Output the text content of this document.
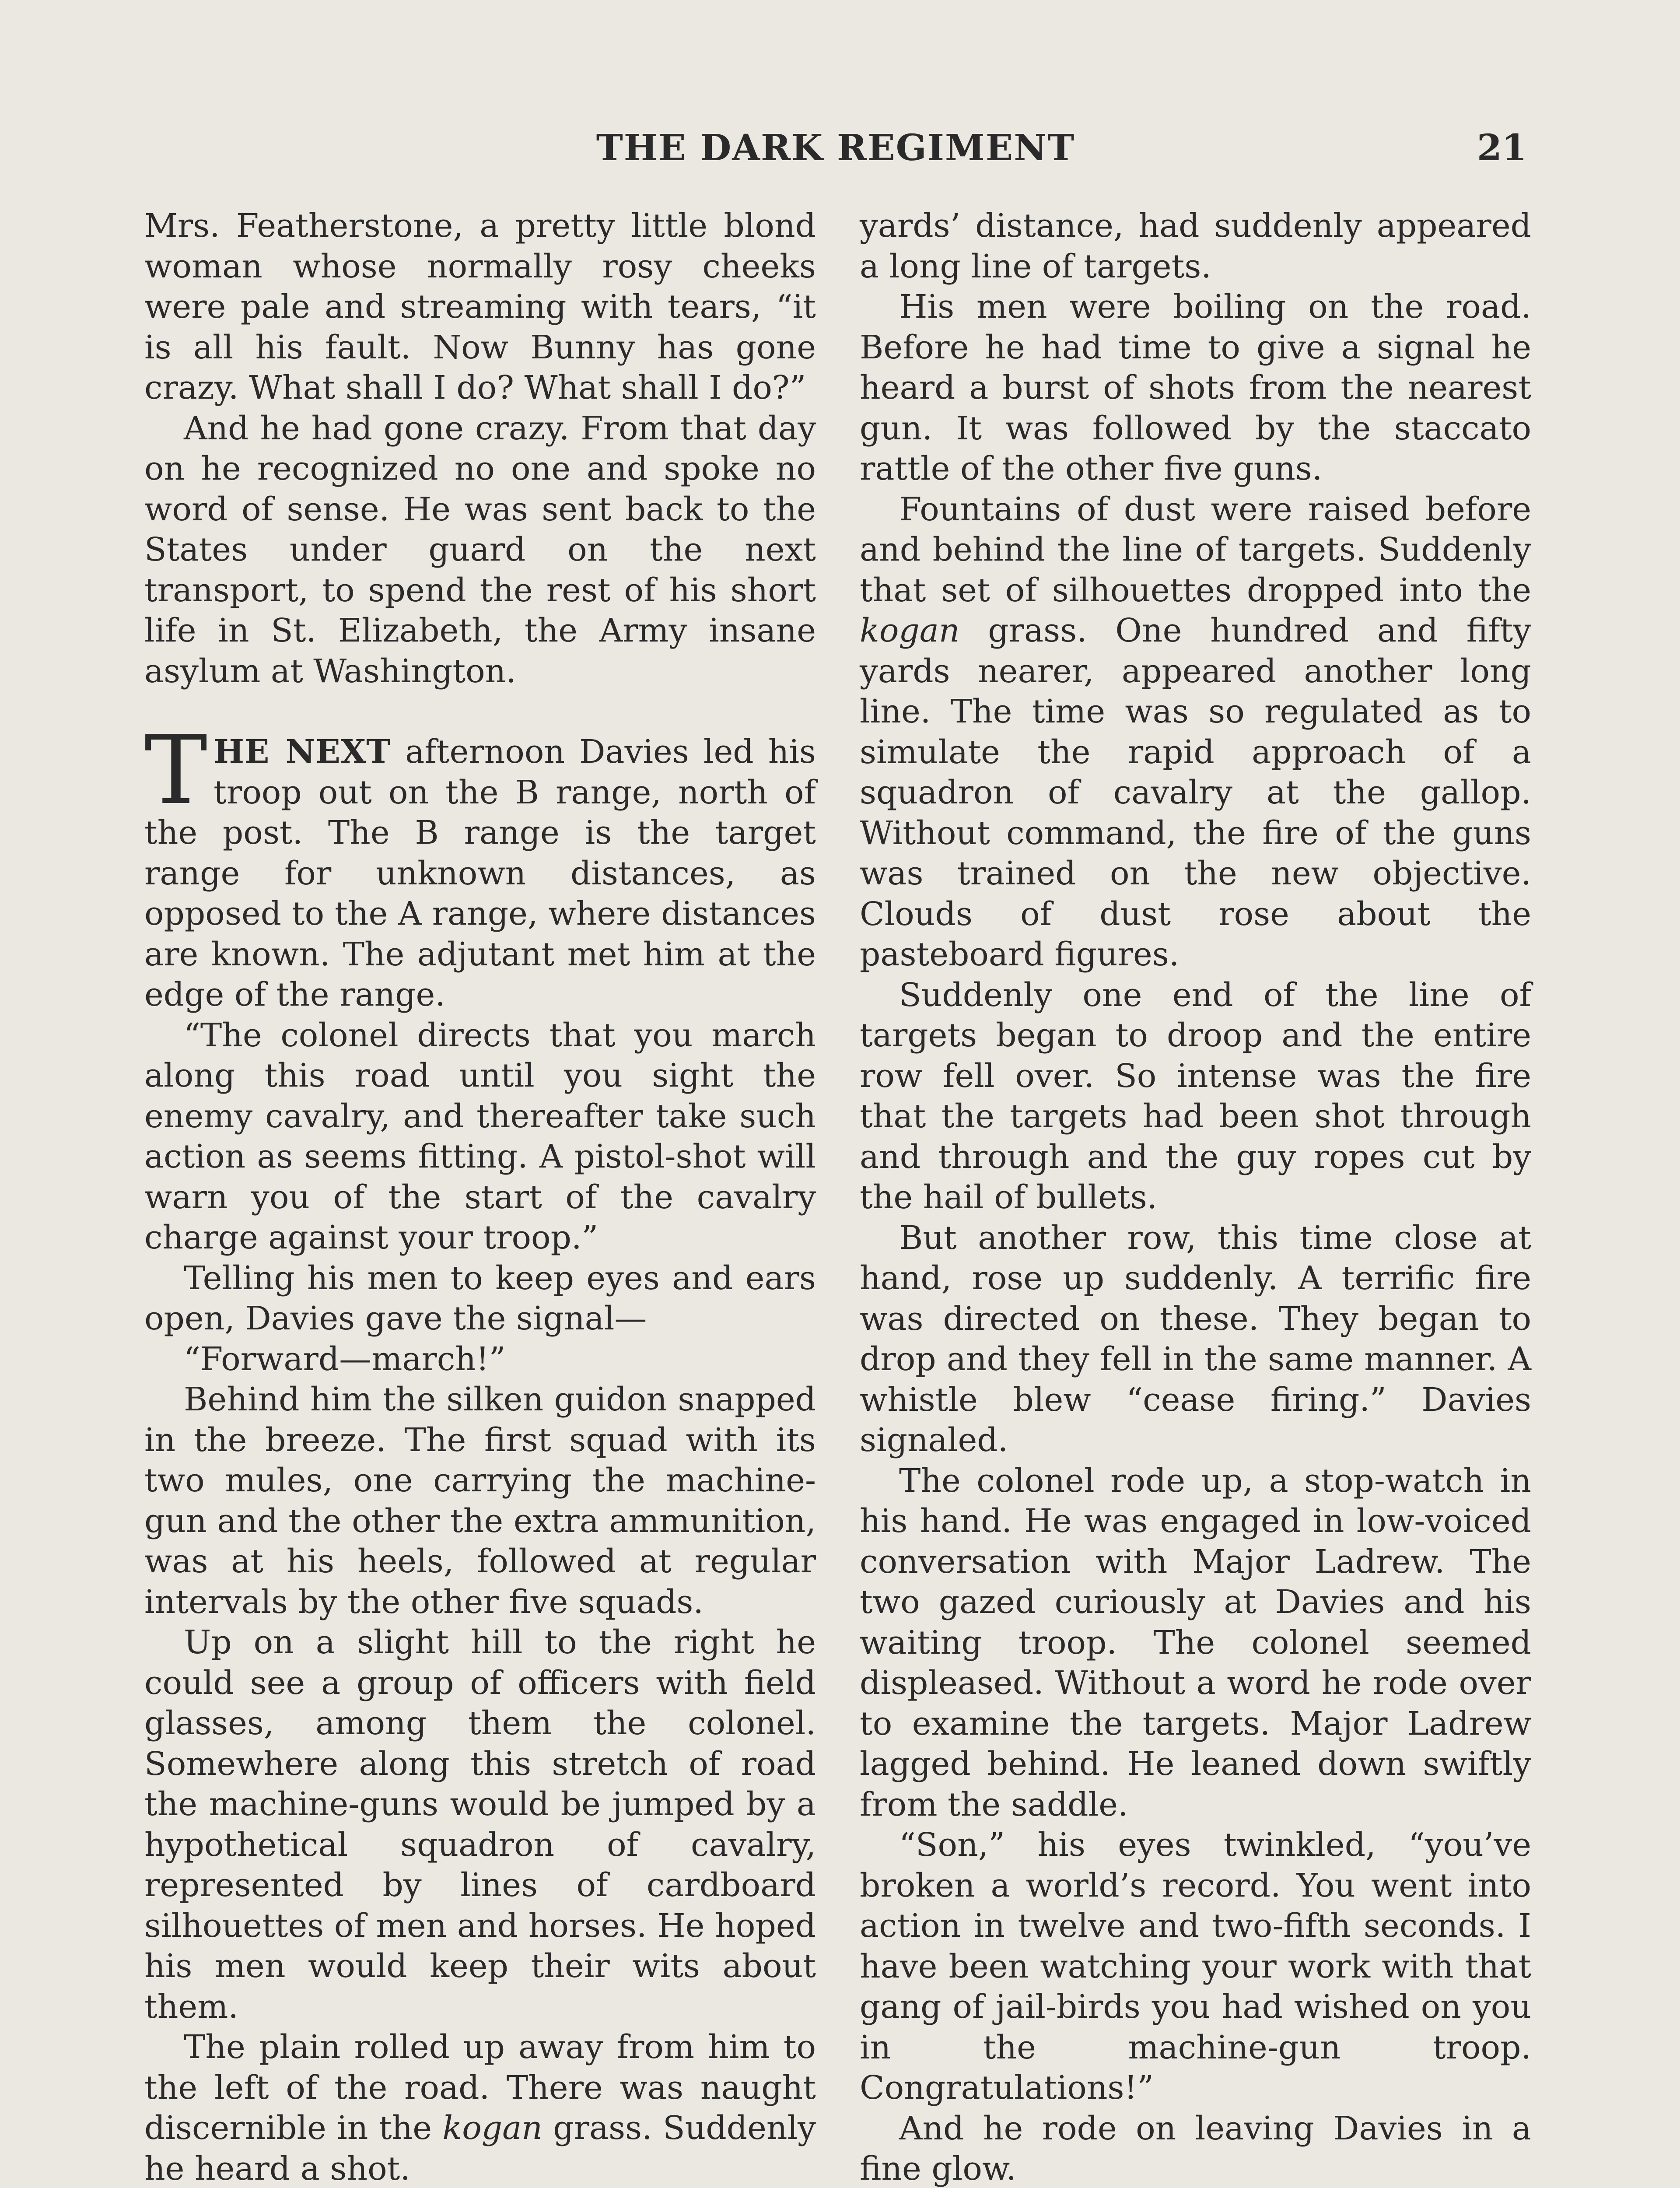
THE DARK REGIMENT	21

Mrs. Featherstone, a pretty little blond woman whose normally rosy cheeks were pale and streaming with tears, “it is all his fault. Now Bunny has gone crazy. What shall I do? What shall I do?”

And he had gone crazy. From that day on he recognized no one and spoke no word of sense. He was sent back to the States under guard on the next transport, to spend the rest of his short life in St. Elizabeth, the Army insane asylum at Washington.

THE NEXT afternoon Davies led his troop out on the B range, north of the post. The B range is the target range for unknown distances, as opposed to the A range, where distances are known. The adjutant met him at the edge of the range.

“The colonel directs that you march along this road until you sight the enemy cavalry, and thereafter take such action as seems fitting. A pistol-shot will warn you of the start of the cavalry charge against your troop.”

Telling his men to keep eyes and ears open, Davies gave the signal—

“Forward—march!”

Behind him the silken guidon snapped in the breeze. The first squad with its two mules, one carrying the machine-gun and the other the extra ammunition, was at his heels, followed at regular intervals by the other five squads.

Up on a slight hill to the right he could see a group of officers with field glasses, among them the colonel. Somewhere along this stretch of road the machine-guns would be jumped by a hypothetical squadron of cavalry, represented by lines of cardboard silhouettes of men and horses. He hoped his men would keep their wits about them.

The plain rolled up away from him to the left of the road. There was naught discernible in the kogan grass. Suddenly he heard a shot.

yards’ distance, had suddenly appeared a long line of targets.

His men were boiling on the road. Before he had time to give a signal he heard a burst of shots from the nearest gun. It was followed by the staccato rattle of the other five guns.

Fountains of dust were raised before and behind the line of targets. Suddenly that set of silhouettes dropped into the kogan grass. One hundred and fifty yards nearer, appeared another long line. The time was so regulated as to simulate the rapid approach of a squadron of cavalry at the gallop. Without command, the fire of the guns was trained on the new objective. Clouds of dust rose about the pasteboard figures.

Suddenly one end of the line of targets began to droop and the entire row fell over. So intense was the fire that the targets had been shot through and through and the guy ropes cut by the hail of bullets.

But another row, this time close at hand, rose up suddenly. A terrific fire was directed on these. They began to drop and they fell in the same manner. A whistle blew “cease firing.” Davies signaled.

The colonel rode up, a stop-watch in his hand. He was engaged in low-voiced conversation with Major Ladrew. The two gazed curiously at Davies and his waiting troop. The colonel seemed displeased. Without a word he rode over to examine the targets. Major Ladrew lagged behind. He leaned down swiftly from the saddle.

“Son,” his eyes twinkled, “you’ve broken a world’s record. You went into action in twelve and two-fifth seconds. I have been watching your work with that gang of jail-birds you had wished on you in the machine-gun troop. Congratulations!”

And he rode on leaving Davies in a fine glow.
